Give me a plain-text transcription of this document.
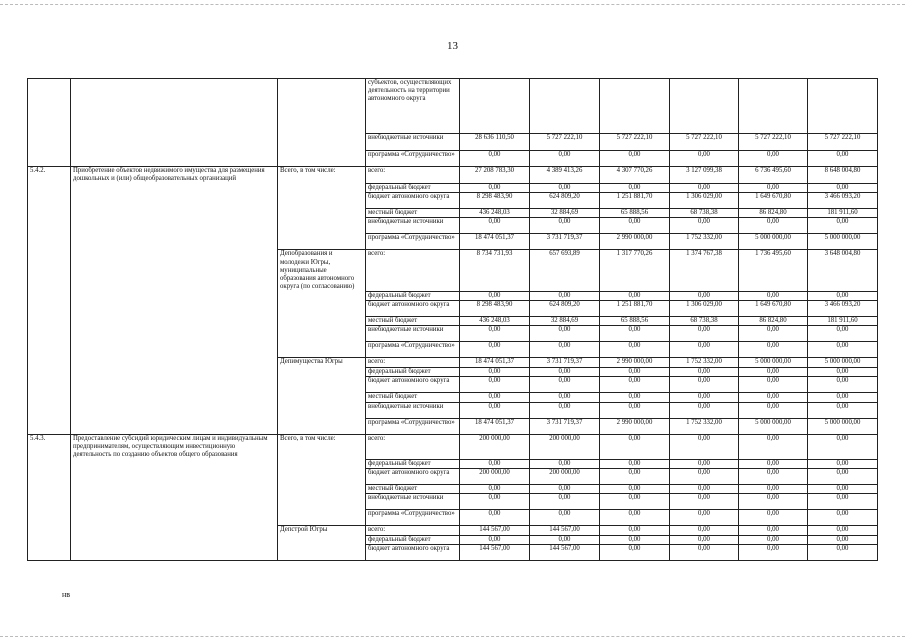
13
			субъектов, осуществляющих деятельность на территории автономного округа						
			внебюджетные источники	28 636 110,50	5 727 222,10	5 727 222,10	5 727 222,10	5 727 222,10	5 727 222,10
			программа «Сотрудничество»	0,00	0,00	0,00	0,00	0,00	0,00
5.4.2.	Приобретение объектов недвижимого имущества для размещения дошкольных и (или) общеобразовательных организаций	Всего, в том числе:	всего:	27 208 783,30	4 389 413,26	4 307 770,26	3 127 099,38	6 736 495,60	8 648 004,80
			федеральный бюджет	0,00	0,00	0,00	0,00	0,00	0,00
			бюджет автономного округа	8 298 483,90	624 809,20	1 251 881,70	1 306 029,00	1 649 670,80	3 466 093,20
			местный бюджет	436 248,03	32 884,69	65 888,56	68 738,38	86 824,80	181 911,60
			внебюджетные источники	0,00	0,00	0,00	0,00	0,00	0,00
			программа «Сотрудничество»	18 474 051,37	3 731 719,37	2 990 000,00	1 752 332,00	5 000 000,00	5 000 000,00
		Депобразования и молодежи Югры, муниципальные образования автономного округа (по согласованию)	всего:	8 734 731,93	657 693,89	1 317 770,26	1 374 767,38	1 736 495,60	3 648 004,80
			федеральный бюджет	0,00	0,00	0,00	0,00	0,00	0,00
			бюджет автономного округа	8 298 483,90	624 809,20	1 251 881,70	1 306 029,00	1 649 670,80	3 466 093,20
			местный бюджет	436 248,03	32 884,69	65 888,56	68 738,38	86 824,80	181 911,60
			внебюджетные источники	0,00	0,00	0,00	0,00	0,00	0,00
			программа «Сотрудничество»	0,00	0,00	0,00	0,00	0,00	0,00
		Депимущества Югры	всего:	18 474 051,37	3 731 719,37	2 990 000,00	1 752 332,00	5 000 000,00	5 000 000,00
			федеральный бюджет	0,00	0,00	0,00	0,00	0,00	0,00
			бюджет автономного округа	0,00	0,00	0,00	0,00	0,00	0,00
			местный бюджет	0,00	0,00	0,00	0,00	0,00	0,00
			внебюджетные источники	0,00	0,00	0,00	0,00	0,00	0,00
			программа «Сотрудничество»	18 474 051,37	3 731 719,37	2 990 000,00	1 752 332,00	5 000 000,00	5 000 000,00
5.4.3.	Предоставление субсидий юридическим лицам и индивидуальным предпринимателям, осуществляющим инвестиционную деятельность по созданию объектов общего образования	Всего, в том числе:	всего:	200 000,00	200 000,00	0,00	0,00	0,00	0,00
			федеральный бюджет	0,00	0,00	0,00	0,00	0,00	0,00
			бюджет автономного округа	200 000,00	200 000,00	0,00	0,00	0,00	0,00
			местный бюджет	0,00	0,00	0,00	0,00	0,00	0,00
			внебюджетные источники	0,00	0,00	0,00	0,00	0,00	0,00
			программа «Сотрудничество»	0,00	0,00	0,00	0,00	0,00	0,00
		Депстрой Югры	всего:	144 567,00	144 567,00	0,00	0,00	0,00	0,00
			федеральный бюджет	0,00	0,00	0,00	0,00	0,00	0,00
			бюджет автономного округа	144 567,00	144 567,00	0,00	0,00	0,00	0,00
нв
